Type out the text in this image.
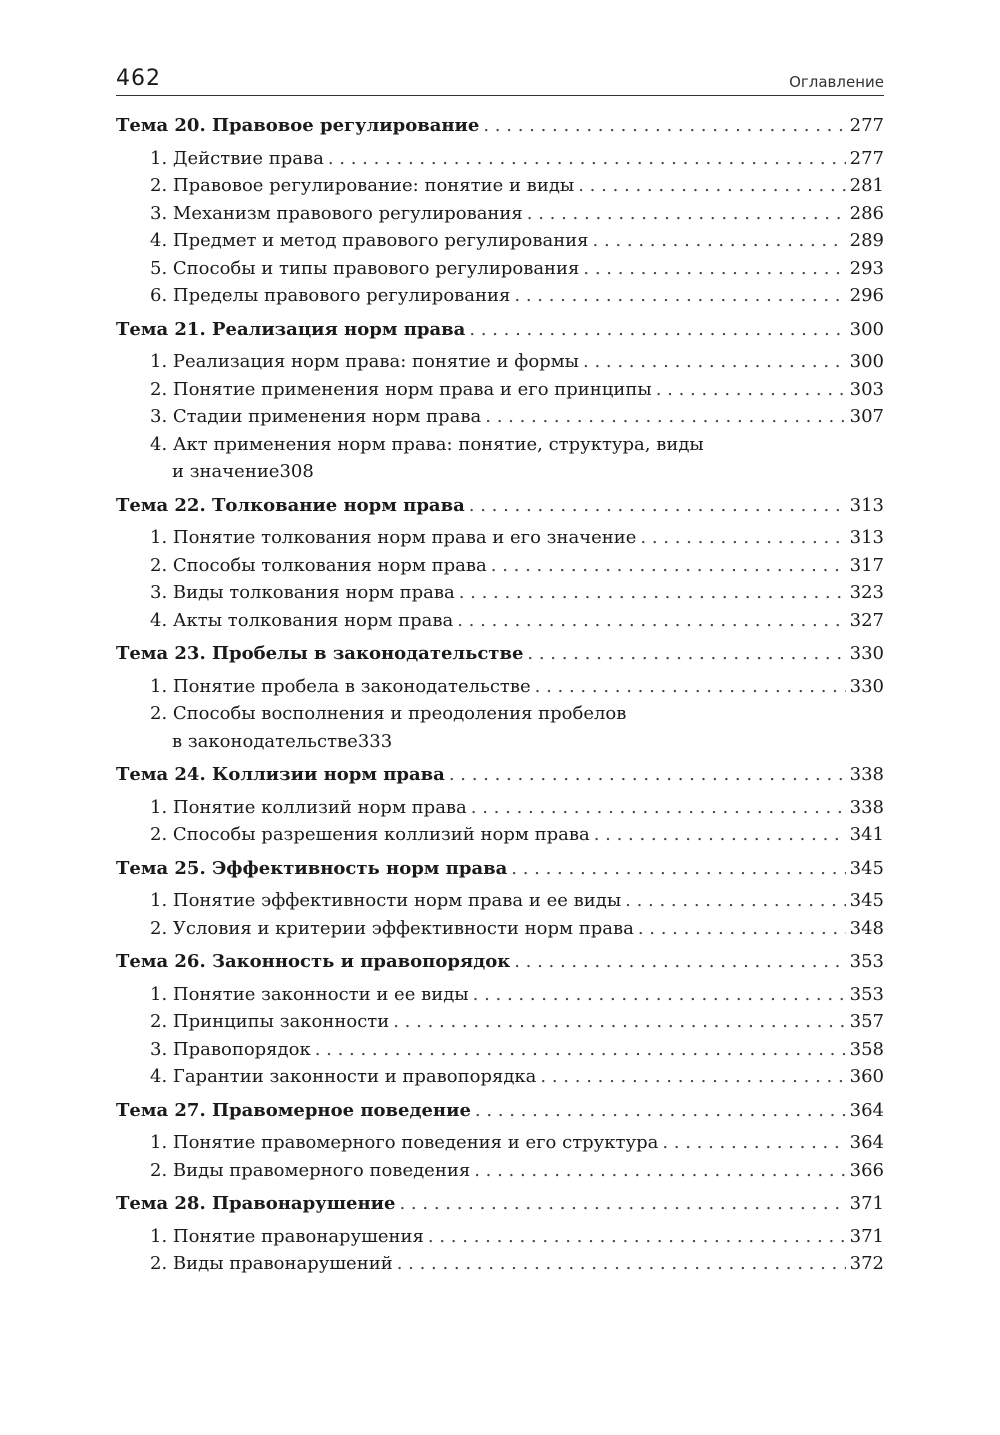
462	Оглавление
Тема 20. Правовое регулирование . . .	277
1. Действие права . . .	277
2. Правовое регулирование: понятие и виды . . .	281
3. Механизм правового регулирования . . .	286
4. Предмет и метод правового регулирования . . .	289
5. Способы и типы правового регулирования . . .	293
6. Пределы правового регулирования . . .	296
Тема 21. Реализация норм права . . .	300
1. Реализация норм права: понятие и формы . . .	300
2. Понятие применения норм права и его принципы . . .	303
3. Стадии применения норм права . . .	307
4. Акт применения норм права: понятие, структура, виды
и значение 308
Тема 22. Толкование норм права . . .	313
1. Понятие толкования норм права и его значение . . .	313
2. Способы толкования норм права . . .	317
3. Виды толкования норм права . . .	323
4. Акты толкования норм права . . .	327
Тема 23. Пробелы в законодательстве . . .	330
1. Понятие пробела в законодательстве . . .	330
2. Способы восполнения и преодоления пробелов
в законодательстве 333
Тема 24. Коллизии норм права . . .	338
1. Понятие коллизий норм права . . .	338
2. Способы разрешения коллизий норм права . . .	341
Тема 25. Эффективность норм права . . .	345
1. Понятие эффективности норм права и ее виды . . .	345
2. Условия и критерии эффективности норм права . . .	348
Тема 26. Законность и правопорядок . . .	353
1. Понятие законности и ее виды . . .	353
2. Принципы законности . . .	357
3. Правопорядок . . .	358
4. Гарантии законности и правопорядка . . .	360
Тема 27. Правомерное поведение . . .	364
1. Понятие правомерного поведения и его структура . . .	364
2. Виды правомерного поведения . . .	366
Тема 28. Правонарушение . . .	371
1. Понятие правонарушения . . .	371
2. Виды правонарушений . . .	372
